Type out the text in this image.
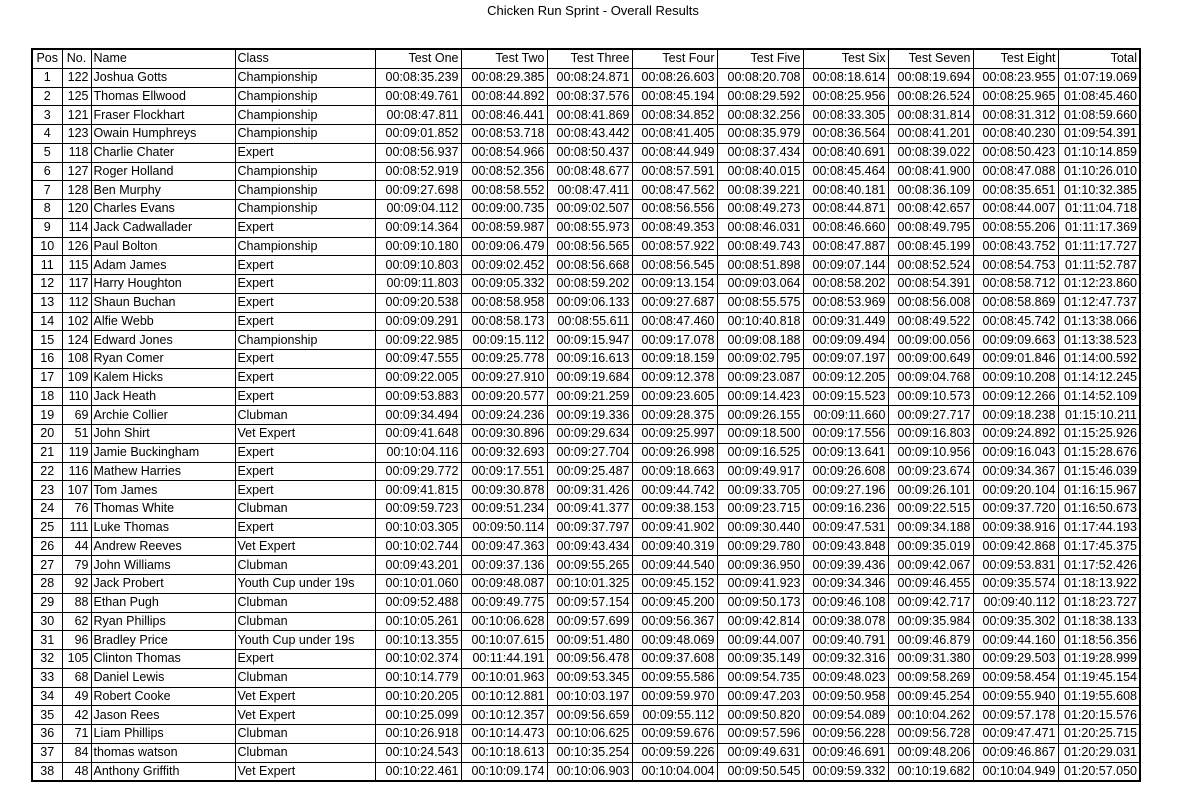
Chicken Run Sprint - Overall Results
Pos	No.	Name	Class	Test One	Test Two	Test Three	Test Four	Test Five	Test Six	Test Seven	Test Eight	Total
1	122	Joshua Gotts	Championship	00:08:35.239	00:08:29.385	00:08:24.871	00:08:26.603	00:08:20.708	00:08:18.614	00:08:19.694	00:08:23.955	01:07:19.069
2	125	Thomas Ellwood	Championship	00:08:49.761	00:08:44.892	00:08:37.576	00:08:45.194	00:08:29.592	00:08:25.956	00:08:26.524	00:08:25.965	01:08:45.460
3	121	Fraser Flockhart	Championship	00:08:47.811	00:08:46.441	00:08:41.869	00:08:34.852	00:08:32.256	00:08:33.305	00:08:31.814	00:08:31.312	01:08:59.660
4	123	Owain Humphreys	Championship	00:09:01.852	00:08:53.718	00:08:43.442	00:08:41.405	00:08:35.979	00:08:36.564	00:08:41.201	00:08:40.230	01:09:54.391
5	118	Charlie Chater	Expert	00:08:56.937	00:08:54.966	00:08:50.437	00:08:44.949	00:08:37.434	00:08:40.691	00:08:39.022	00:08:50.423	01:10:14.859
6	127	Roger Holland	Championship	00:08:52.919	00:08:52.356	00:08:48.677	00:08:57.591	00:08:40.015	00:08:45.464	00:08:41.900	00:08:47.088	01:10:26.010
7	128	Ben Murphy	Championship	00:09:27.698	00:08:58.552	00:08:47.411	00:08:47.562	00:08:39.221	00:08:40.181	00:08:36.109	00:08:35.651	01:10:32.385
8	120	Charles Evans	Championship	00:09:04.112	00:09:00.735	00:09:02.507	00:08:56.556	00:08:49.273	00:08:44.871	00:08:42.657	00:08:44.007	01:11:04.718
9	114	Jack Cadwallader	Expert	00:09:14.364	00:08:59.987	00:08:55.973	00:08:49.353	00:08:46.031	00:08:46.660	00:08:49.795	00:08:55.206	01:11:17.369
10	126	Paul Bolton	Championship	00:09:10.180	00:09:06.479	00:08:56.565	00:08:57.922	00:08:49.743	00:08:47.887	00:08:45.199	00:08:43.752	01:11:17.727
11	115	Adam James	Expert	00:09:10.803	00:09:02.452	00:08:56.668	00:08:56.545	00:08:51.898	00:09:07.144	00:08:52.524	00:08:54.753	01:11:52.787
12	117	Harry Houghton	Expert	00:09:11.803	00:09:05.332	00:08:59.202	00:09:13.154	00:09:03.064	00:08:58.202	00:08:54.391	00:08:58.712	01:12:23.860
13	112	Shaun Buchan	Expert	00:09:20.538	00:08:58.958	00:09:06.133	00:09:27.687	00:08:55.575	00:08:53.969	00:08:56.008	00:08:58.869	01:12:47.737
14	102	Alfie Webb	Expert	00:09:09.291	00:08:58.173	00:08:55.611	00:08:47.460	00:10:40.818	00:09:31.449	00:08:49.522	00:08:45.742	01:13:38.066
15	124	Edward Jones	Championship	00:09:22.985	00:09:15.112	00:09:15.947	00:09:17.078	00:09:08.188	00:09:09.494	00:09:00.056	00:09:09.663	01:13:38.523
16	108	Ryan Comer	Expert	00:09:47.555	00:09:25.778	00:09:16.613	00:09:18.159	00:09:02.795	00:09:07.197	00:09:00.649	00:09:01.846	01:14:00.592
17	109	Kalem Hicks	Expert	00:09:22.005	00:09:27.910	00:09:19.684	00:09:12.378	00:09:23.087	00:09:12.205	00:09:04.768	00:09:10.208	01:14:12.245
18	110	Jack Heath	Expert	00:09:53.883	00:09:20.577	00:09:21.259	00:09:23.605	00:09:14.423	00:09:15.523	00:09:10.573	00:09:12.266	01:14:52.109
19	69	Archie Collier	Clubman	00:09:34.494	00:09:24.236	00:09:19.336	00:09:28.375	00:09:26.155	00:09:11.660	00:09:27.717	00:09:18.238	01:15:10.211
20	51	John Shirt	Vet Expert	00:09:41.648	00:09:30.896	00:09:29.634	00:09:25.997	00:09:18.500	00:09:17.556	00:09:16.803	00:09:24.892	01:15:25.926
21	119	Jamie Buckingham	Expert	00:10:04.116	00:09:32.693	00:09:27.704	00:09:26.998	00:09:16.525	00:09:13.641	00:09:10.956	00:09:16.043	01:15:28.676
22	116	Mathew Harries	Expert	00:09:29.772	00:09:17.551	00:09:25.487	00:09:18.663	00:09:49.917	00:09:26.608	00:09:23.674	00:09:34.367	01:15:46.039
23	107	Tom James	Expert	00:09:41.815	00:09:30.878	00:09:31.426	00:09:44.742	00:09:33.705	00:09:27.196	00:09:26.101	00:09:20.104	01:16:15.967
24	76	Thomas White	Clubman	00:09:59.723	00:09:51.234	00:09:41.377	00:09:38.153	00:09:23.715	00:09:16.236	00:09:22.515	00:09:37.720	01:16:50.673
25	111	Luke Thomas	Expert	00:10:03.305	00:09:50.114	00:09:37.797	00:09:41.902	00:09:30.440	00:09:47.531	00:09:34.188	00:09:38.916	01:17:44.193
26	44	Andrew Reeves	Vet Expert	00:10:02.744	00:09:47.363	00:09:43.434	00:09:40.319	00:09:29.780	00:09:43.848	00:09:35.019	00:09:42.868	01:17:45.375
27	79	John Williams	Clubman	00:09:43.201	00:09:37.136	00:09:55.265	00:09:44.540	00:09:36.950	00:09:39.436	00:09:42.067	00:09:53.831	01:17:52.426
28	92	Jack Probert	Youth Cup under 19s	00:10:01.060	00:09:48.087	00:10:01.325	00:09:45.152	00:09:41.923	00:09:34.346	00:09:46.455	00:09:35.574	01:18:13.922
29	88	Ethan Pugh	Clubman	00:09:52.488	00:09:49.775	00:09:57.154	00:09:45.200	00:09:50.173	00:09:46.108	00:09:42.717	00:09:40.112	01:18:23.727
30	62	Ryan Phillips	Clubman	00:10:05.261	00:10:06.628	00:09:57.699	00:09:56.367	00:09:42.814	00:09:38.078	00:09:35.984	00:09:35.302	01:18:38.133
31	96	Bradley Price	Youth Cup under 19s	00:10:13.355	00:10:07.615	00:09:51.480	00:09:48.069	00:09:44.007	00:09:40.791	00:09:46.879	00:09:44.160	01:18:56.356
32	105	Clinton Thomas	Expert	00:10:02.374	00:11:44.191	00:09:56.478	00:09:37.608	00:09:35.149	00:09:32.316	00:09:31.380	00:09:29.503	01:19:28.999
33	68	Daniel Lewis	Clubman	00:10:14.779	00:10:01.963	00:09:53.345	00:09:55.586	00:09:54.735	00:09:48.023	00:09:58.269	00:09:58.454	01:19:45.154
34	49	Robert Cooke	Vet Expert	00:10:20.205	00:10:12.881	00:10:03.197	00:09:59.970	00:09:47.203	00:09:50.958	00:09:45.254	00:09:55.940	01:19:55.608
35	42	Jason Rees	Vet Expert	00:10:25.099	00:10:12.357	00:09:56.659	00:09:55.112	00:09:50.820	00:09:54.089	00:10:04.262	00:09:57.178	01:20:15.576
36	71	Liam Phillips	Clubman	00:10:26.918	00:10:14.473	00:10:06.625	00:09:59.676	00:09:57.596	00:09:56.228	00:09:56.728	00:09:47.471	01:20:25.715
37	84	thomas watson	Clubman	00:10:24.543	00:10:18.613	00:10:35.254	00:09:59.226	00:09:49.631	00:09:46.691	00:09:48.206	00:09:46.867	01:20:29.031
38	48	Anthony Griffith	Vet Expert	00:10:22.461	00:10:09.174	00:10:06.903	00:10:04.004	00:09:50.545	00:09:59.332	00:10:19.682	00:10:04.949	01:20:57.050
